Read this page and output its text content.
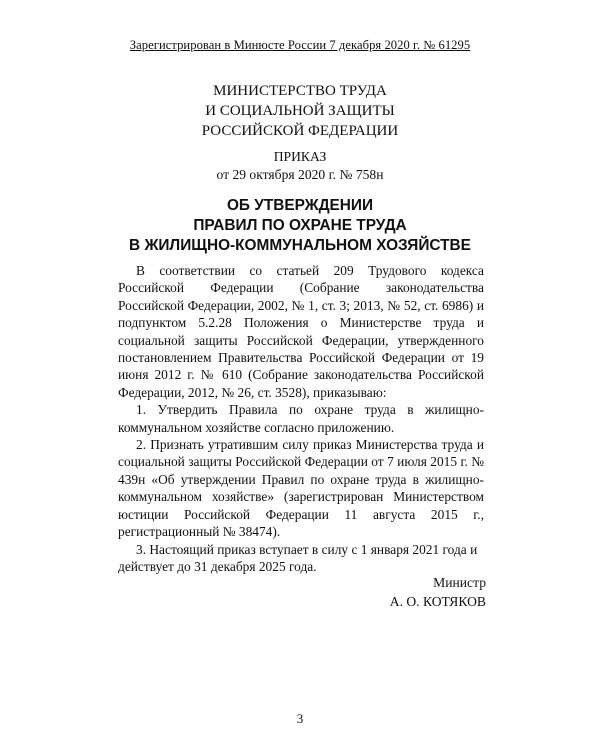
Зарегистрирован в Минюсте России 7 декабря 2020 г. № 61295
МИНИСТЕРСТВО ТРУДА
И СОЦИАЛЬНОЙ ЗАЩИТЫ
РОССИЙСКОЙ ФЕДЕРАЦИИ
ПРИКАЗ
от 29 октября 2020 г. № 758н
ОБ УТВЕРЖДЕНИИ
ПРАВИЛ ПО ОХРАНЕ ТРУДА
В ЖИЛИЩНО-КОММУНАЛЬНОМ ХОЗЯЙСТВЕ

В соответствии со статьей 209 Трудового кодекса Российской Федерации (Собрание законодательства Российской Федерации, 2002, № 1, ст. 3; 2013, № 52, ст. 6986) и подпунктом 5.2.28 Положения о Министерстве труда и социальной защиты Российской Федерации, утвержденного постановлением Правительства Российской Федерации от 19 июня 2012 г. № 610 (Собрание законодательства Российской Федерации, 2012, № 26, ст. 3528), приказываю:

1. Утвердить Правила по охране труда в жилищно-коммунальном хозяйстве согласно приложению.

2. Признать утратившим силу приказ Министерства труда и социальной защиты Российской Федерации от 7 июля 2015 г. № 439н «Об утверждении Правил по охране труда в жилищно-коммунальном хозяйстве» (зарегистрирован Министерством юстиции Российской Федерации 11 августа 2015 г., регистрационный № 38474).

3. Настоящий приказ вступает в силу с 1 января 2021 года и действует до 31 декабря 2025 года.

Министр
А. О. КОТЯКОВ
3
